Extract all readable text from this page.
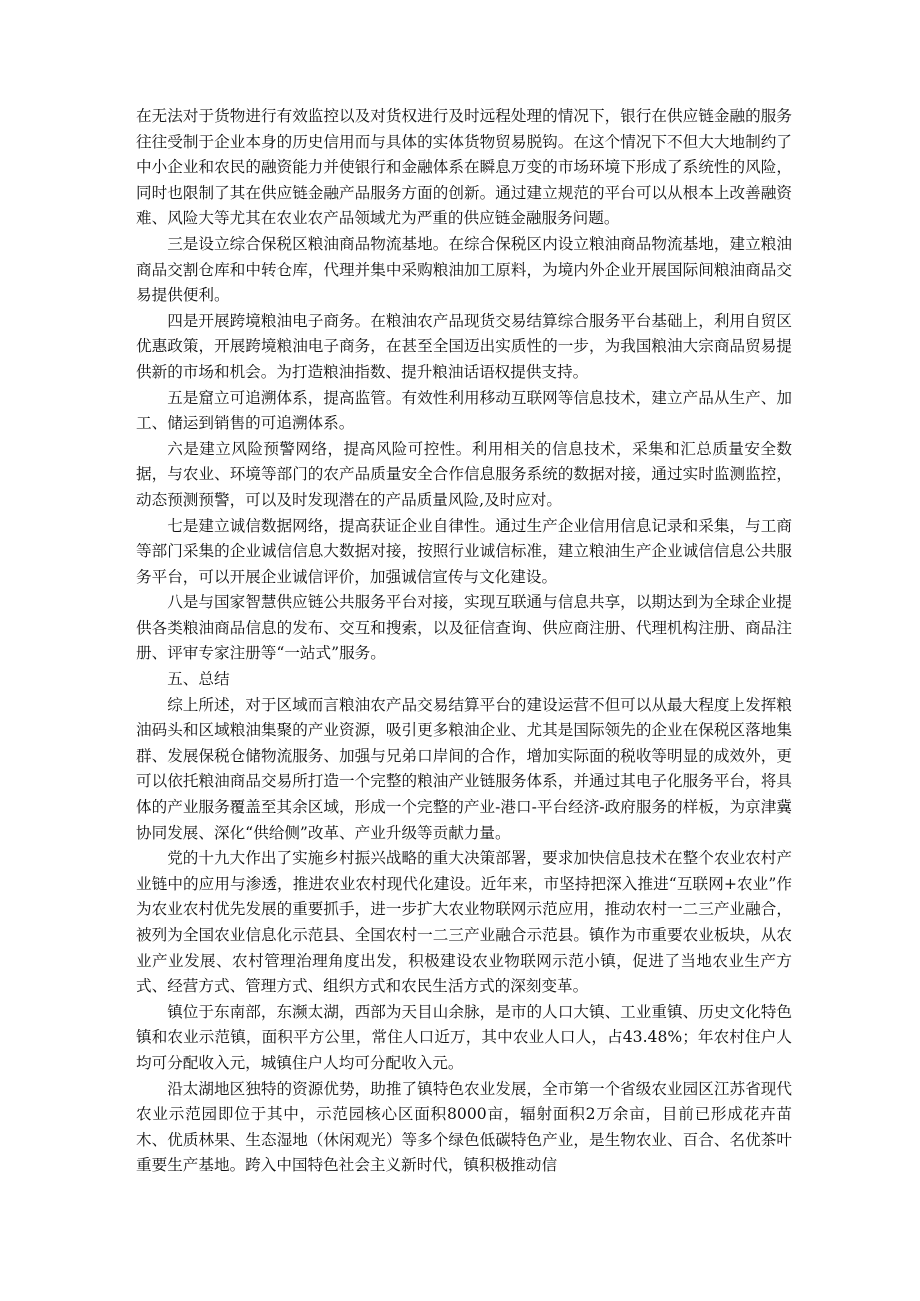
在无法对于货物进行有效监控以及对货权进行及时远程处理的情况下，银行在供应链金融的服务往往受制于企业本身的历史信用而与具体的实体货物贸易脱钩。在这个情况下不但大大地制约了中小企业和农民的融资能力并使银行和金融体系在瞬息万变的市场环境下形成了系统性的风险，同时也限制了其在供应链金融产品服务方面的创新。通过建立规范的平台可以从根本上改善融资难、风险大等尤其在农业农产品领域尤为严重的供应链金融服务问题。

三是设立综合保税区粮油商品物流基地。在综合保税区内设立粮油商品物流基地，建立粮油商品交割仓库和中转仓库，代理并集中采购粮油加工原料，为境内外企业开展国际间粮油商品交易提供便利。

四是开展跨境粮油电子商务。在粮油农产品现货交易结算综合服务平台基础上，利用自贸区优惠政策，开展跨境粮油电子商务，在甚至全国迈出实质性的一步，为我国粮油大宗商品贸易提供新的市场和机会。为打造粮油指数、提升粮油话语权提供支持。

五是窟立可追溯体系，提高监管。有效性利用移动互联网等信息技术，建立产品从生产、加工、储运到销售的可追溯体系。

六是建立风险预警网络，提高风险可控性。利用相关的信息技术，采集和汇总质量安全数据，与农业、环境等部门的农产品质量安全合作信息服务系统的数据对接，通过实时监测监控，动态预测预警，可以及时发现潜在的产品质量风险,及时应对。

七是建立诚信数据网络，提高获证企业自律性。通过生产企业信用信息记录和采集，与工商等部门采集的企业诚信信息大数据对接，按照行业诚信标准，建立粮油生产企业诚信信息公共服务平台，可以开展企业诚信评价，加强诚信宣传与文化建设。

八是与国家智慧供应链公共服务平台对接，实现互联通与信息共享，以期达到为全球企业提供各类粮油商品信息的发布、交互和搜索，以及征信查询、供应商注册、代理机构注册、商品注册、评审专家注册等“一站式”服务。

五、总结

综上所述，对于区域而言粮油农产品交易结算平台的建设运营不但可以从最大程度上发挥粮油码头和区域粮油集聚的产业资源，吸引更多粮油企业、尤其是国际领先的企业在保税区落地集群、发展保税仓储物流服务、加强与兄弟口岸间的合作，增加实际面的税收等明显的成效外，更可以依托粮油商品交易所打造一个完整的粮油产业链服务体系，并通过其电子化服务平台，将具体的产业服务覆盖至其余区域，形成一个完整的产业-港口-平台经济-政府服务的样板，为京津冀协同发展、深化“供给侧”改革、产业升级等贡献力量。

党的十九大作出了实施乡村振兴战略的重大决策部署，要求加快信息技术在整个农业农村产业链中的应用与渗透，推进农业农村现代化建设。近年来，市坚持把深入推进“互联网+农业”作为农业农村优先发展的重要抓手，进一步扩大农业物联网示范应用，推动农村一二三产业融合，被列为全国农业信息化示范县、全国农村一二三产业融合示范县。镇作为市重要农业板块，从农业产业发展、农村管理治理角度出发，积极建设农业物联网示范小镇，促进了当地农业生产方式、经营方式、管理方式、组织方式和农民生活方式的深刻变革。

镇位于东南部，东濒太湖，西部为天目山余脉，是市的人口大镇、工业重镇、历史文化特色镇和农业示范镇，面积平方公里，常住人口近万，其中农业人口人，占43.48%；年农村住户人均可分配收入元，城镇住户人均可分配收入元。

沿太湖地区独特的资源优势，助推了镇特色农业发展，全市第一个省级农业园区江苏省现代农业示范园即位于其中，示范园核心区面积8000亩，辐射面积2万余亩，目前已形成花卉苗木、优质林果、生态湿地（休闲观光）等多个绿色低碳特色产业，是生物农业、百合、名优茶叶重要生产基地。跨入中国特色社会主义新时代，镇积极推动信
